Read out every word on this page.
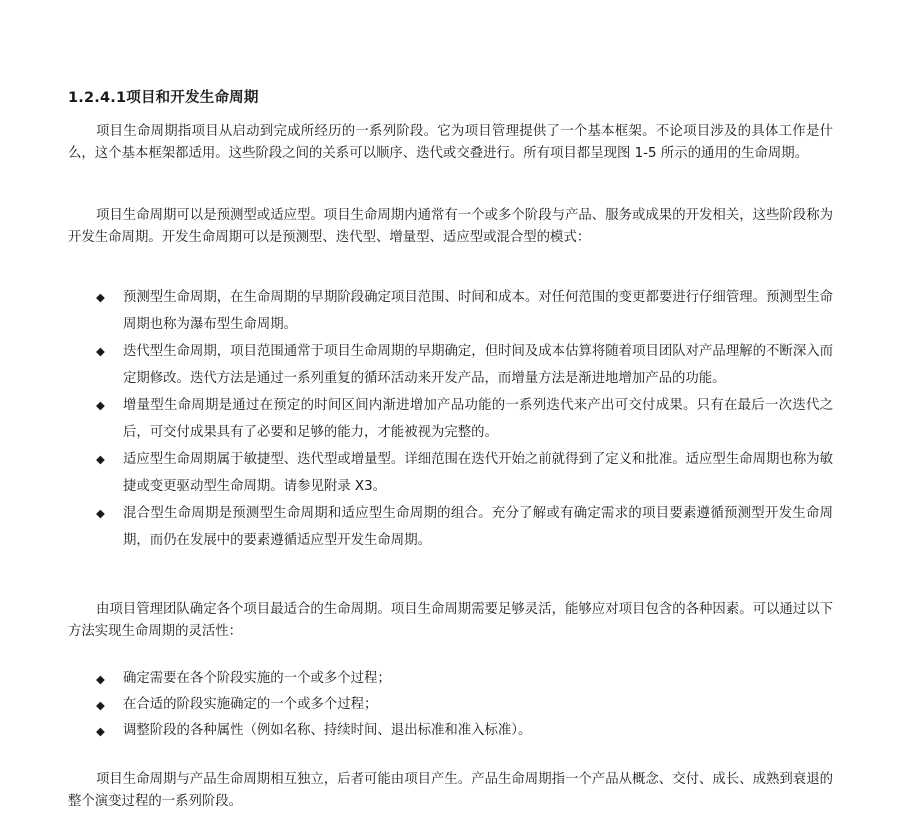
1.2.4.1项目和开发生命周期

项目生命周期指项目从启动到完成所经历的一系列阶段。它为项目管理提供了一个基本框架。不论项目涉及的具体工作是什么，这个基本框架都适用。这些阶段之间的关系可以顺序、迭代或交叠进行。所有项目都呈现图 1-5 所示的通用的生命周期。

项目生命周期可以是预测型或适应型。项目生命周期内通常有一个或多个阶段与产品、服务或成果的开发相关，这些阶段称为开发生命周期。开发生命周期可以是预测型、迭代型、增量型、适应型或混合型的模式：

◆ 预测型生命周期，在生命周期的早期阶段确定项目范围、时间和成本。对任何范围的变更都要进行仔细管理。预测型生命周期也称为瀑布型生命周期。
◆ 迭代型生命周期，项目范围通常于项目生命周期的早期确定，但时间及成本估算将随着项目团队对产品理解的不断深入而定期修改。迭代方法是通过一系列重复的循环活动来开发产品，而增量方法是渐进地增加产品的功能。
◆ 增量型生命周期是通过在预定的时间区间内渐进增加产品功能的一系列迭代来产出可交付成果。只有在最后一次迭代之后，可交付成果具有了必要和足够的能力，才能被视为完整的。
◆ 适应型生命周期属于敏捷型、迭代型或增量型。详细范围在迭代开始之前就得到了定义和批准。适应型生命周期也称为敏捷或变更驱动型生命周期。请参见附录 X3。
◆ 混合型生命周期是预测型生命周期和适应型生命周期的组合。充分了解或有确定需求的项目要素遵循预测型开发生命周期，而仍在发展中的要素遵循适应型开发生命周期。

由项目管理团队确定各个项目最适合的生命周期。项目生命周期需要足够灵活，能够应对项目包含的各种因素。可以通过以下方法实现生命周期的灵活性：

◆ 确定需要在各个阶段实施的一个或多个过程；
◆ 在合适的阶段实施确定的一个或多个过程；
◆ 调整阶段的各种属性（例如名称、持续时间、退出标准和准入标准）。

项目生命周期与产品生命周期相互独立，后者可能由项目产生。产品生命周期指一个产品从概念、交付、成长、成熟到衰退的整个演变过程的一系列阶段。
